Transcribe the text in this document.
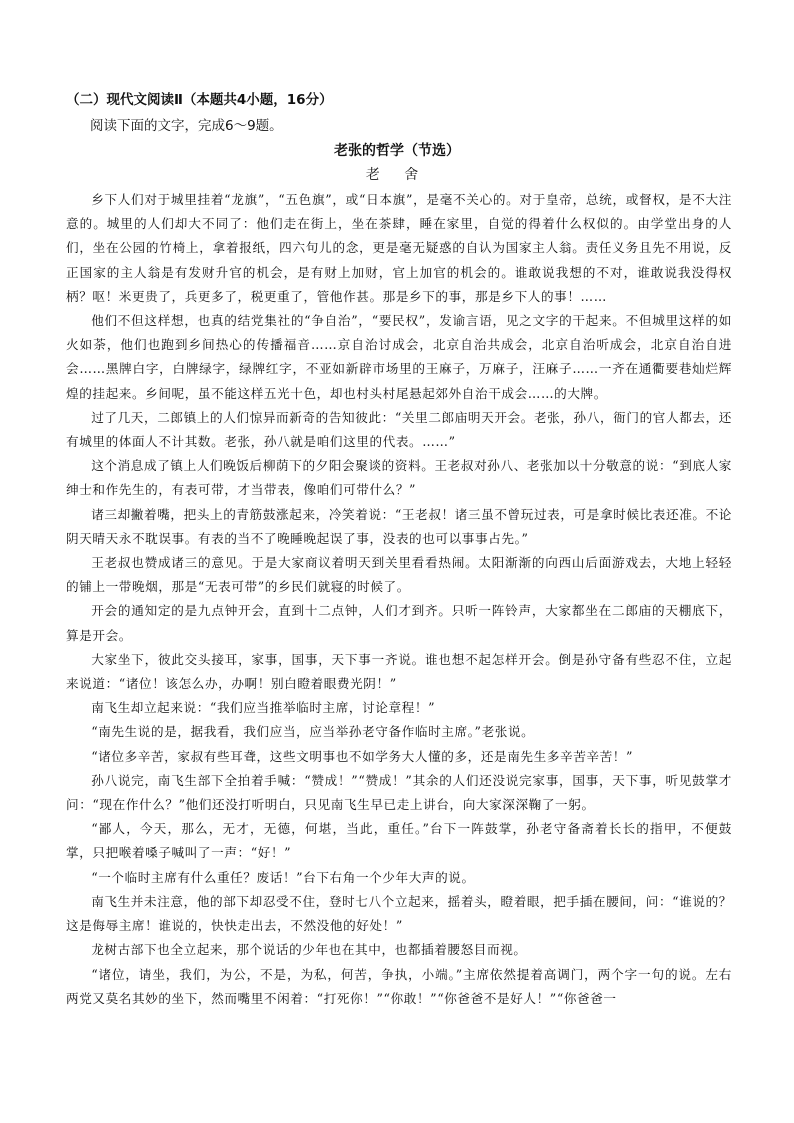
（二）现代文阅读Ⅱ（本题共4小题，16分）

阅读下面的文字，完成6～9题。

老张的哲学（节选）

老 舍

乡下人们对于城里挂着“龙旗”，“五色旗”，或“日本旗”，是毫不关心的。对于皇帝，总统，或督权，是不大注意的。城里的人们却大不同了：他们走在街上，坐在茶肆，睡在家里，自觉的得着什么权似的。由学堂出身的人们，坐在公园的竹椅上，拿着报纸，四六句儿的念，更是毫无疑惑的自认为国家主人翁。责任义务且先不用说，反正国家的主人翁是有发财升官的机会，是有财上加财，官上加官的机会的。谁敢说我想的不对，谁敢说我没得权柄？呕！米更贵了，兵更多了，税更重了，管他作甚。那是乡下的事，那是乡下人的事！……

他们不但这样想，也真的结党集社的“争自治”，“要民权”，发谕言语，见之文字的干起来。不但城里这样的如火如荼，他们也跑到乡间热心的传播福音……京自治讨成会，北京自治共成会，北京自治听成会，北京自治自进会……黑牌白字，白牌绿字，绿牌红字，不亚如新辟市场里的王麻子，万麻子，汪麻子……一齐在通衢要巷灿烂辉煌的挂起来。乡间呢，虽不能这样五光十色，却也村头村尾悬起郊外自治干成会……的大牌。

过了几天，二郎镇上的人们惊异而新奇的告知彼此：“关里二郎庙明天开会。老张，孙八，衙门的官人都去，还有城里的体面人不计其数。老张，孙八就是咱们这里的代表。……”

这个消息成了镇上人们晚饭后柳荫下的夕阳会聚谈的资料。王老叔对孙八、老张加以十分敬意的说：“到底人家绅士和作先生的，有表可带，才当带表，像咱们可带什么？”

诸三却撇着嘴，把头上的青筋鼓涨起来，冷笑着说：“王老叔！诸三虽不曾玩过表，可是拿时候比表还准。不论阴天晴天永不耽误事。有表的当不了晚睡晚起误了事，没表的也可以事事占先。”

王老叔也赞成诸三的意见。于是大家商议着明天到关里看看热闹。太阳渐渐的向西山后面游戏去，大地上轻轻的铺上一带晚烟，那是“无表可带”的乡民们就寝的时候了。

开会的通知定的是九点钟开会，直到十二点钟，人们才到齐。只听一阵铃声，大家都坐在二郎庙的天棚底下，算是开会。

大家坐下，彼此交头接耳，家事，国事，天下事一齐说。谁也想不起怎样开会。倒是孙守备有些忍不住，立起来说道：“诸位！该怎么办，办啊！别白瞪着眼费光阴！”

南飞生却立起来说：“我们应当推举临时主席，讨论章程！”

“南先生说的是，据我看，我们应当，应当举孙老守备作临时主席。”老张说。

“诸位多辛苦，家叔有些耳聋，这些文明事也不如学务大人懂的多，还是南先生多辛苦辛苦！”

孙八说完，南飞生部下全拍着手喊：“赞成！”“赞成！”其余的人们还没说完家事，国事，天下事，听见鼓掌才问：“现在作什么？”他们还没打听明白，只见南飞生早已走上讲台，向大家深深鞠了一躬。

“鄙人，今天，那么，无才，无德，何堪，当此，重任。”台下一阵鼓掌，孙老守备斋着长长的指甲，不便鼓掌，只把喉着嗓子喊叫了一声：“好！”

“一个临时主席有什么重任？废话！”台下右角一个少年大声的说。

南飞生并未注意，他的部下却忍受不住，登时七八个立起来，摇着头，瞪着眼，把手插在腰间，问：“谁说的？这是侮辱主席！谁说的，快快走出去，不然没他的好处！”

龙树古部下也全立起来，那个说话的少年也在其中，也都插着腰怒目而视。

“诸位，请坐，我们，为公，不是，为私，何苦，争执，小端。”主席依然提着高调门，两个字一句的说。左右两党又莫名其妙的坐下，然而嘴里不闲着：“打死你！”“你敢！”“你爸爸不是好人！”“你爸爸一
